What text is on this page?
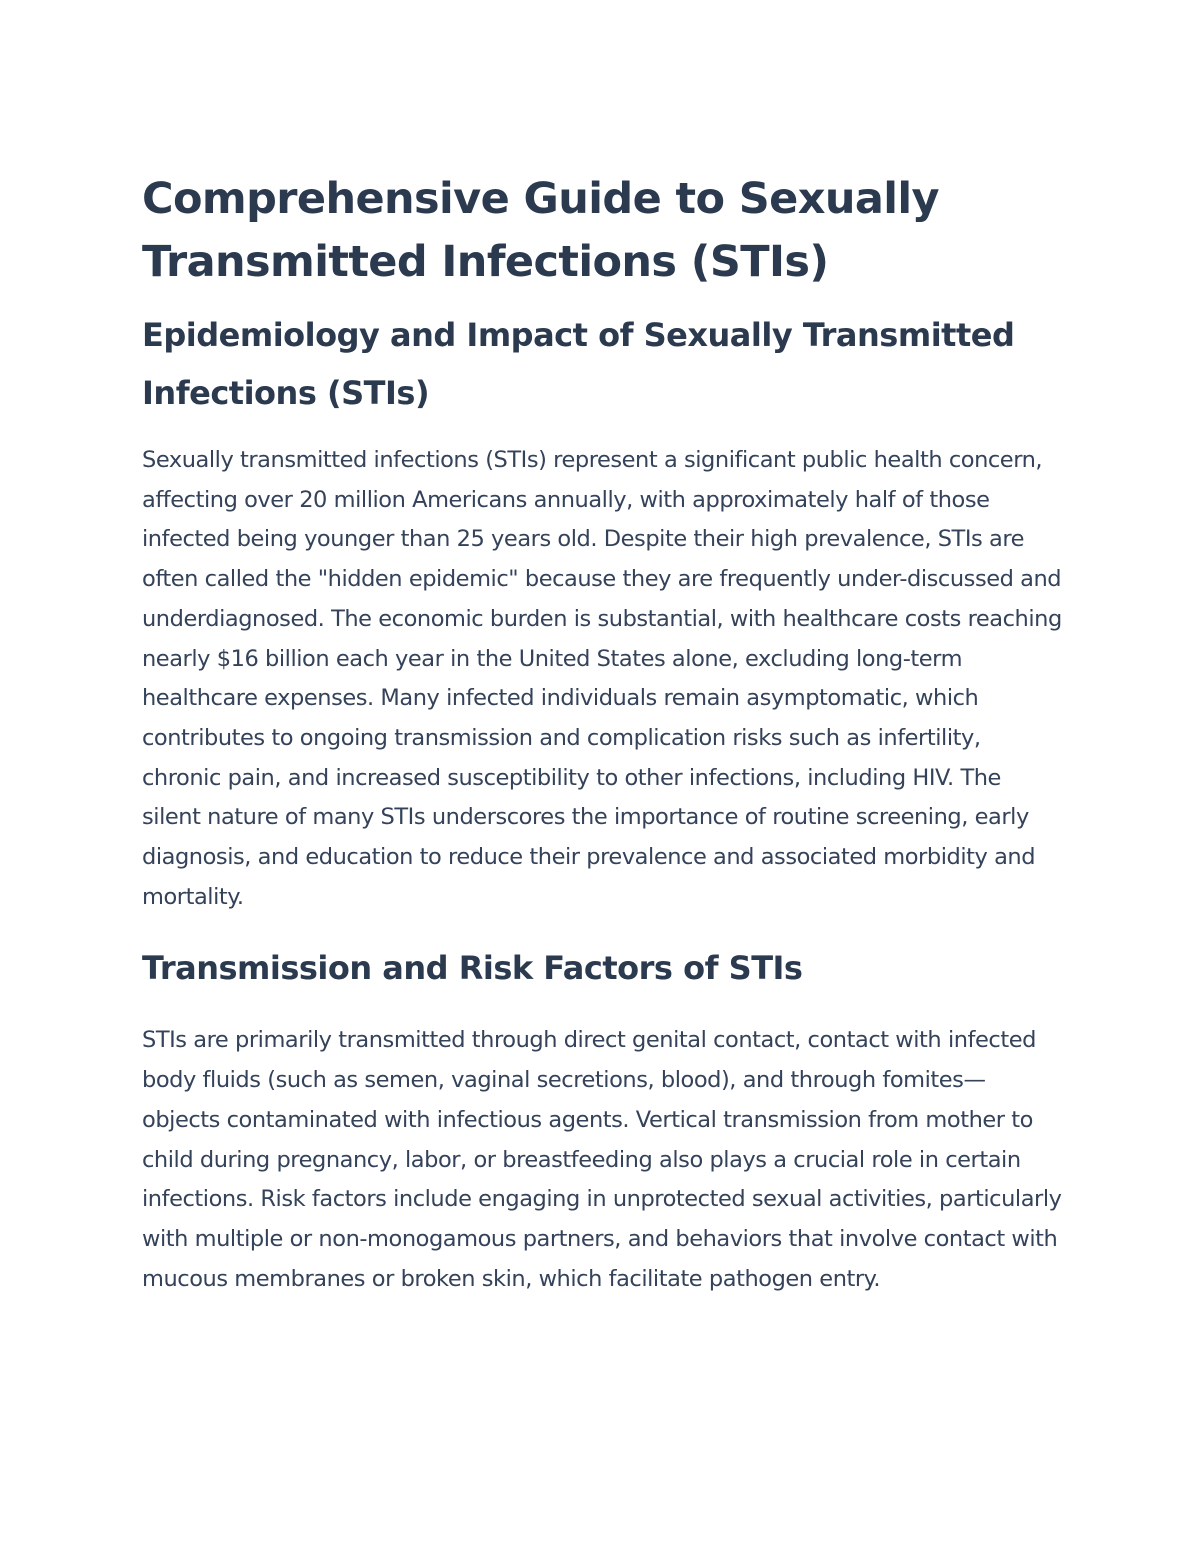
Comprehensive Guide to Sexually Transmitted Infections (STIs)
Epidemiology and Impact of Sexually Transmitted Infections (STIs)

Sexually transmitted infections (STIs) represent a significant public health concern, affecting over 20 million Americans annually, with approximately half of those infected being younger than 25 years old. Despite their high prevalence, STIs are often called the "hidden epidemic" because they are frequently under-discussed and underdiagnosed. The economic burden is substantial, with healthcare costs reaching nearly $16 billion each year in the United States alone, excluding long-term healthcare expenses. Many infected individuals remain asymptomatic, which contributes to ongoing transmission and complication risks such as infertility, chronic pain, and increased susceptibility to other infections, including HIV. The silent nature of many STIs underscores the importance of routine screening, early diagnosis, and education to reduce their prevalence and associated morbidity and mortality.

Transmission and Risk Factors of STIs

STIs are primarily transmitted through direct genital contact, contact with infected body fluids (such as semen, vaginal secretions, blood), and through fomites—objects contaminated with infectious agents. Vertical transmission from mother to child during pregnancy, labor, or breastfeeding also plays a crucial role in certain infections. Risk factors include engaging in unprotected sexual activities, particularly with multiple or non-monogamous partners, and behaviors that involve contact with mucous membranes or broken skin, which facilitate pathogen entry.
